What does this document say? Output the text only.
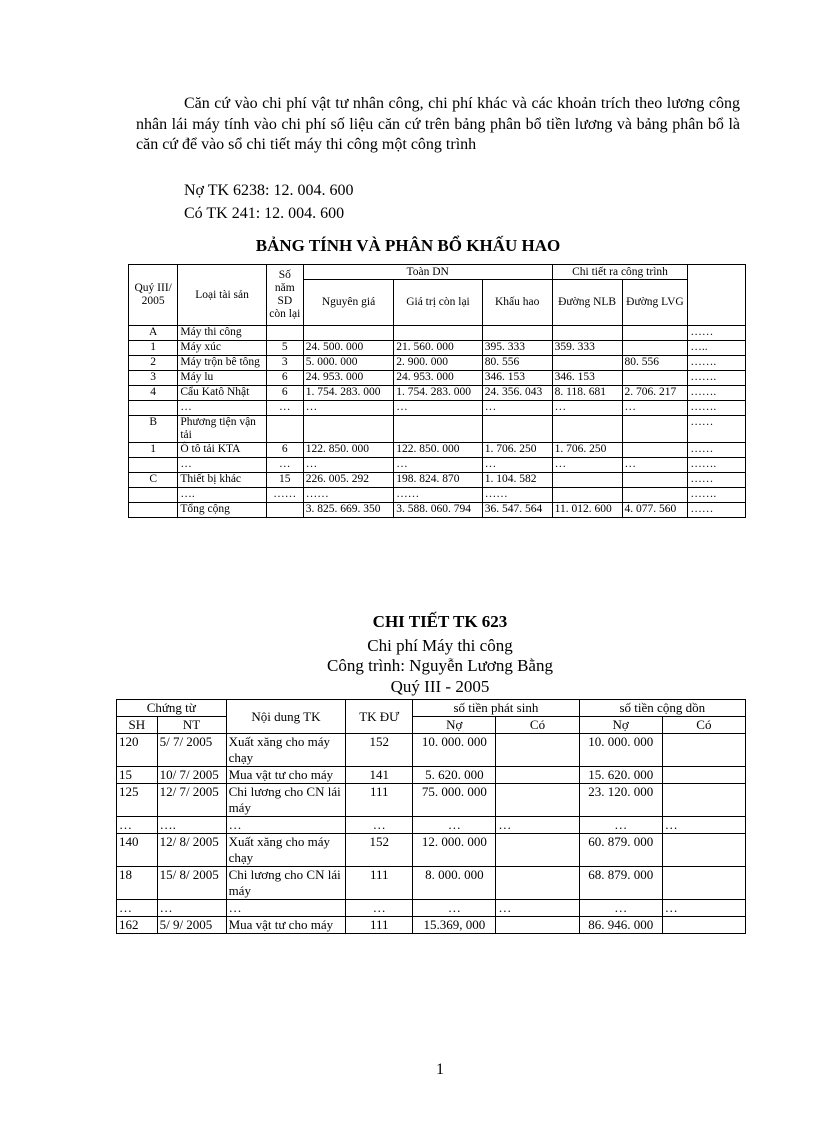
Căn cứ vào chi phí vật tư nhân công, chi phí khác và các khoản trích theo lương công nhân lái máy tính vào chi phí số liệu căn cứ trên bảng phân bổ tiền lương và bảng phân bổ là căn cứ để vào sổ chi tiết máy thi công một công trình
Nợ TK 6238: 12. 004. 600
Có TK 241: 12. 004. 600
BẢNG TÍNH VÀ PHÂN BỔ KHẤU HAO
Quý III/ 2005	Loại tài sản	Số năm SD còn lại	Toàn DN			Chi tiết ra công trình		
			Nguyên giá	Giá trị còn lại	Khấu hao	Đường NLB	Đường LVG	
A	Máy thi công							……
1	Máy xúc	5	24. 500. 000	21. 560. 000	395. 333	359. 333		…..
2	Máy trộn bê tông	3	5. 000. 000	2. 900. 000	80. 556		80. 556	…….
3	Máy lu	6	24. 953. 000	24. 953. 000	346. 153	346. 153		…….
4	Cẩu Katô Nhật	6	1. 754. 283. 000	1. 754. 283. 000	24. 356. 043	8. 118. 681	2. 706. 217	…….
	…	…	…	…	…	…	…	…….
B	Phương tiện vận tải							……
1	Ô tô tải KTA	6	122. 850. 000	122. 850. 000	1. 706. 250	1. 706. 250		……
	…	…	…	…	…	…	…	…….
C	Thiết bị khác	15	226. 005. 292	198. 824. 870	1. 104. 582			……
	….	……	……	……	……			…….
	Tổng cộng		3. 825. 669. 350	3. 588. 060. 794	36. 547. 564	11. 012. 600	4. 077. 560	……
CHI TIẾT TK 623
Chi phí Máy thi công
Công trình: Nguyễn Lương Bằng
Quý III - 2005
Chứng từ		Nội dung TK	TK ĐƯ	số tiền phát sinh		số tiền cộng dồn	
SH	NT			Nợ	Có	Nợ	Có
120	5/ 7/ 2005	Xuất xăng cho máy chạy	152	10. 000. 000		10. 000. 000	
15	10/ 7/ 2005	Mua vật tư cho máy	141	5. 620. 000		15. 620. 000	
125	12/ 7/ 2005	Chi lương cho CN lái máy	111	75. 000. 000		23. 120. 000	
…	….	…	…	…	…	…	…
140	12/ 8/ 2005	Xuất xăng cho máy chạy	152	12. 000. 000		60. 879. 000	
18	15/ 8/ 2005	Chi lương cho CN lái máy	111	8. 000. 000		68. 879. 000	
…	…	…	…	…	…	…	…
162	5/ 9/ 2005	Mua vật tư cho máy	111	15.369, 000		86. 946. 000	
1
